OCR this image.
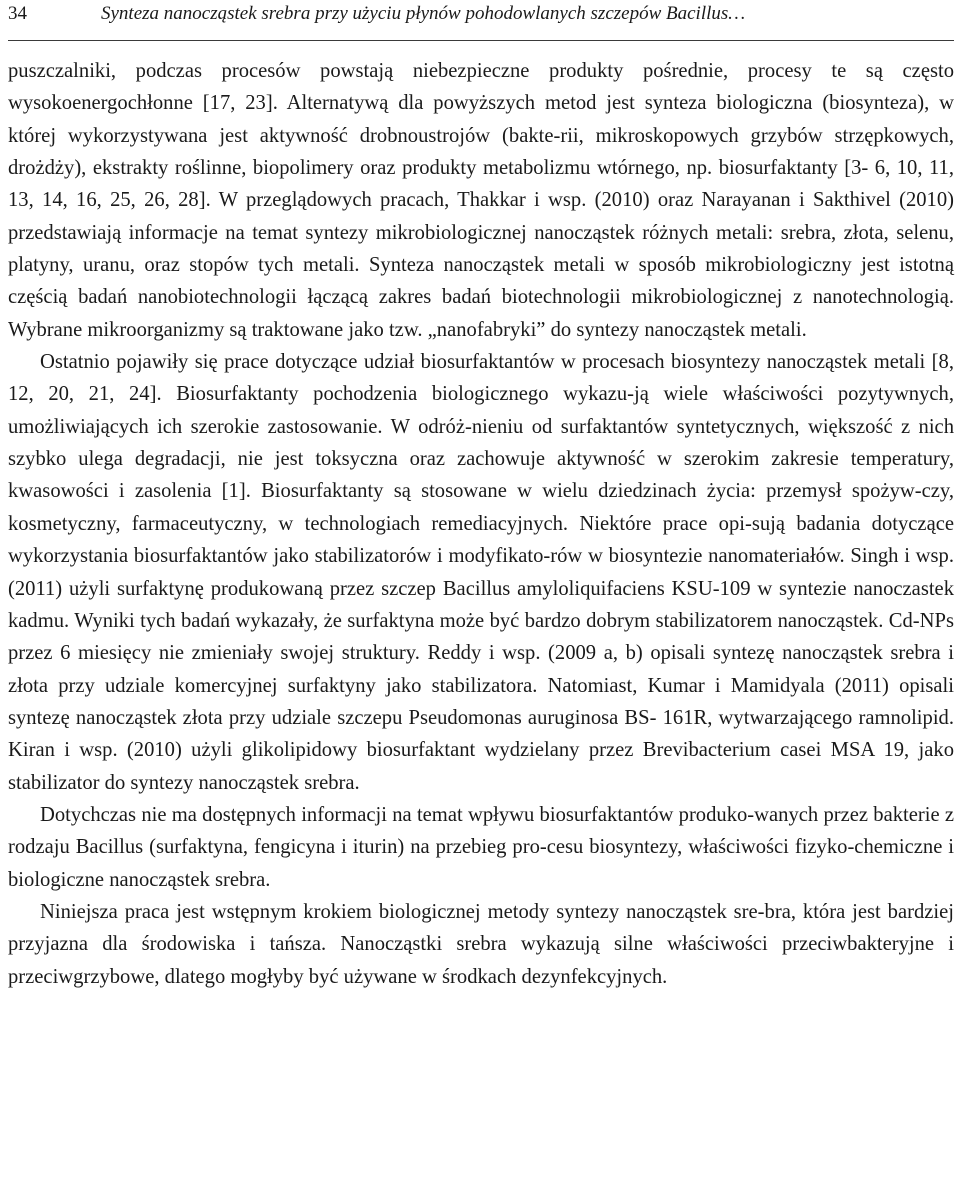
34	Synteza nanocząstek srebra przy użyciu płynów pohodowlanych szczepów Bacillus…

puszczalniki, podczas procesów powstają niebezpieczne produkty pośrednie, procesy te są często wysokoenergochłonne [17, 23]. Alternatywą dla powyższych metod jest synteza biologiczna (biosynteza), w której wykorzystywana jest aktywność drobnoustrojów (bakte-rii, mikroskopowych grzybów strzępkowych, drożdży), ekstrakty roślinne, biopolimery oraz produkty metabolizmu wtórnego, np. biosurfaktanty [3- 6, 10, 11, 13, 14, 16, 25, 26, 28]. W przeglądowych pracach, Thakkar i wsp. (2010) oraz Narayanan i Sakthivel (2010) przedstawiają informacje na temat syntezy mikrobiologicznej nanocząstek różnych metali: srebra, złota, selenu, platyny, uranu, oraz stopów tych metali. Synteza nanocząstek metali w sposób mikrobiologiczny jest istotną częścią badań nanobiotechnologii łączącą zakres badań biotechnologii mikrobiologicznej z nanotechnologią. Wybrane mikroorganizmy są traktowane jako tzw. „nanofabryki” do syntezy nanocząstek metali.

Ostatnio pojawiły się prace dotyczące udział biosurfaktantów w procesach biosyntezy nanocząstek metali [8, 12, 20, 21, 24]. Biosurfaktanty pochodzenia biologicznego wykazu-ją wiele właściwości pozytywnych, umożliwiających ich szerokie zastosowanie. W odróż-nieniu od surfaktantów syntetycznych, większość z nich szybko ulega degradacji, nie jest toksyczna oraz zachowuje aktywność w szerokim zakresie temperatury, kwasowości i zasolenia [1]. Biosurfaktanty są stosowane w wielu dziedzinach życia: przemysł spożyw-czy, kosmetyczny, farmaceutyczny, w technologiach remediacyjnych. Niektóre prace opi-sują badania dotyczące wykorzystania biosurfaktantów jako stabilizatorów i modyfikato-rów w biosyntezie nanomateriałów. Singh i wsp. (2011) użyli surfaktynę produkowaną przez szczep Bacillus amyloliquifaciens KSU-109 w syntezie nanoczastek kadmu. Wyniki tych badań wykazały, że surfaktyna może być bardzo dobrym stabilizatorem nanocząstek. Cd-NPs przez 6 miesięcy nie zmieniały swojej struktury. Reddy i wsp. (2009 a, b) opisali syntezę nanocząstek srebra i złota przy udziale komercyjnej surfaktyny jako stabilizatora. Natomiast, Kumar i Mamidyala (2011) opisali syntezę nanocząstek złota przy udziale szczepu Pseudomonas auruginosa BS- 161R, wytwarzającego ramnolipid. Kiran i wsp. (2010) użyli glikolipidowy biosurfaktant wydzielany przez Brevibacterium casei MSA 19, jako stabilizator do syntezy nanocząstek srebra.

Dotychczas nie ma dostępnych informacji na temat wpływu biosurfaktantów produko-wanych przez bakterie z rodzaju Bacillus (surfaktyna, fengicyna i iturin) na przebieg pro-cesu biosyntezy, właściwości fizyko-chemiczne i biologiczne nanocząstek srebra.

Niniejsza praca jest wstępnym krokiem biologicznej metody syntezy nanocząstek sre-bra, która jest bardziej przyjazna dla środowiska i tańsza. Nanocząstki srebra wykazują silne właściwości przeciwbakteryjne i przeciwgrzybowe, dlatego mogłyby być używane w środkach dezynfekcyjnych.
